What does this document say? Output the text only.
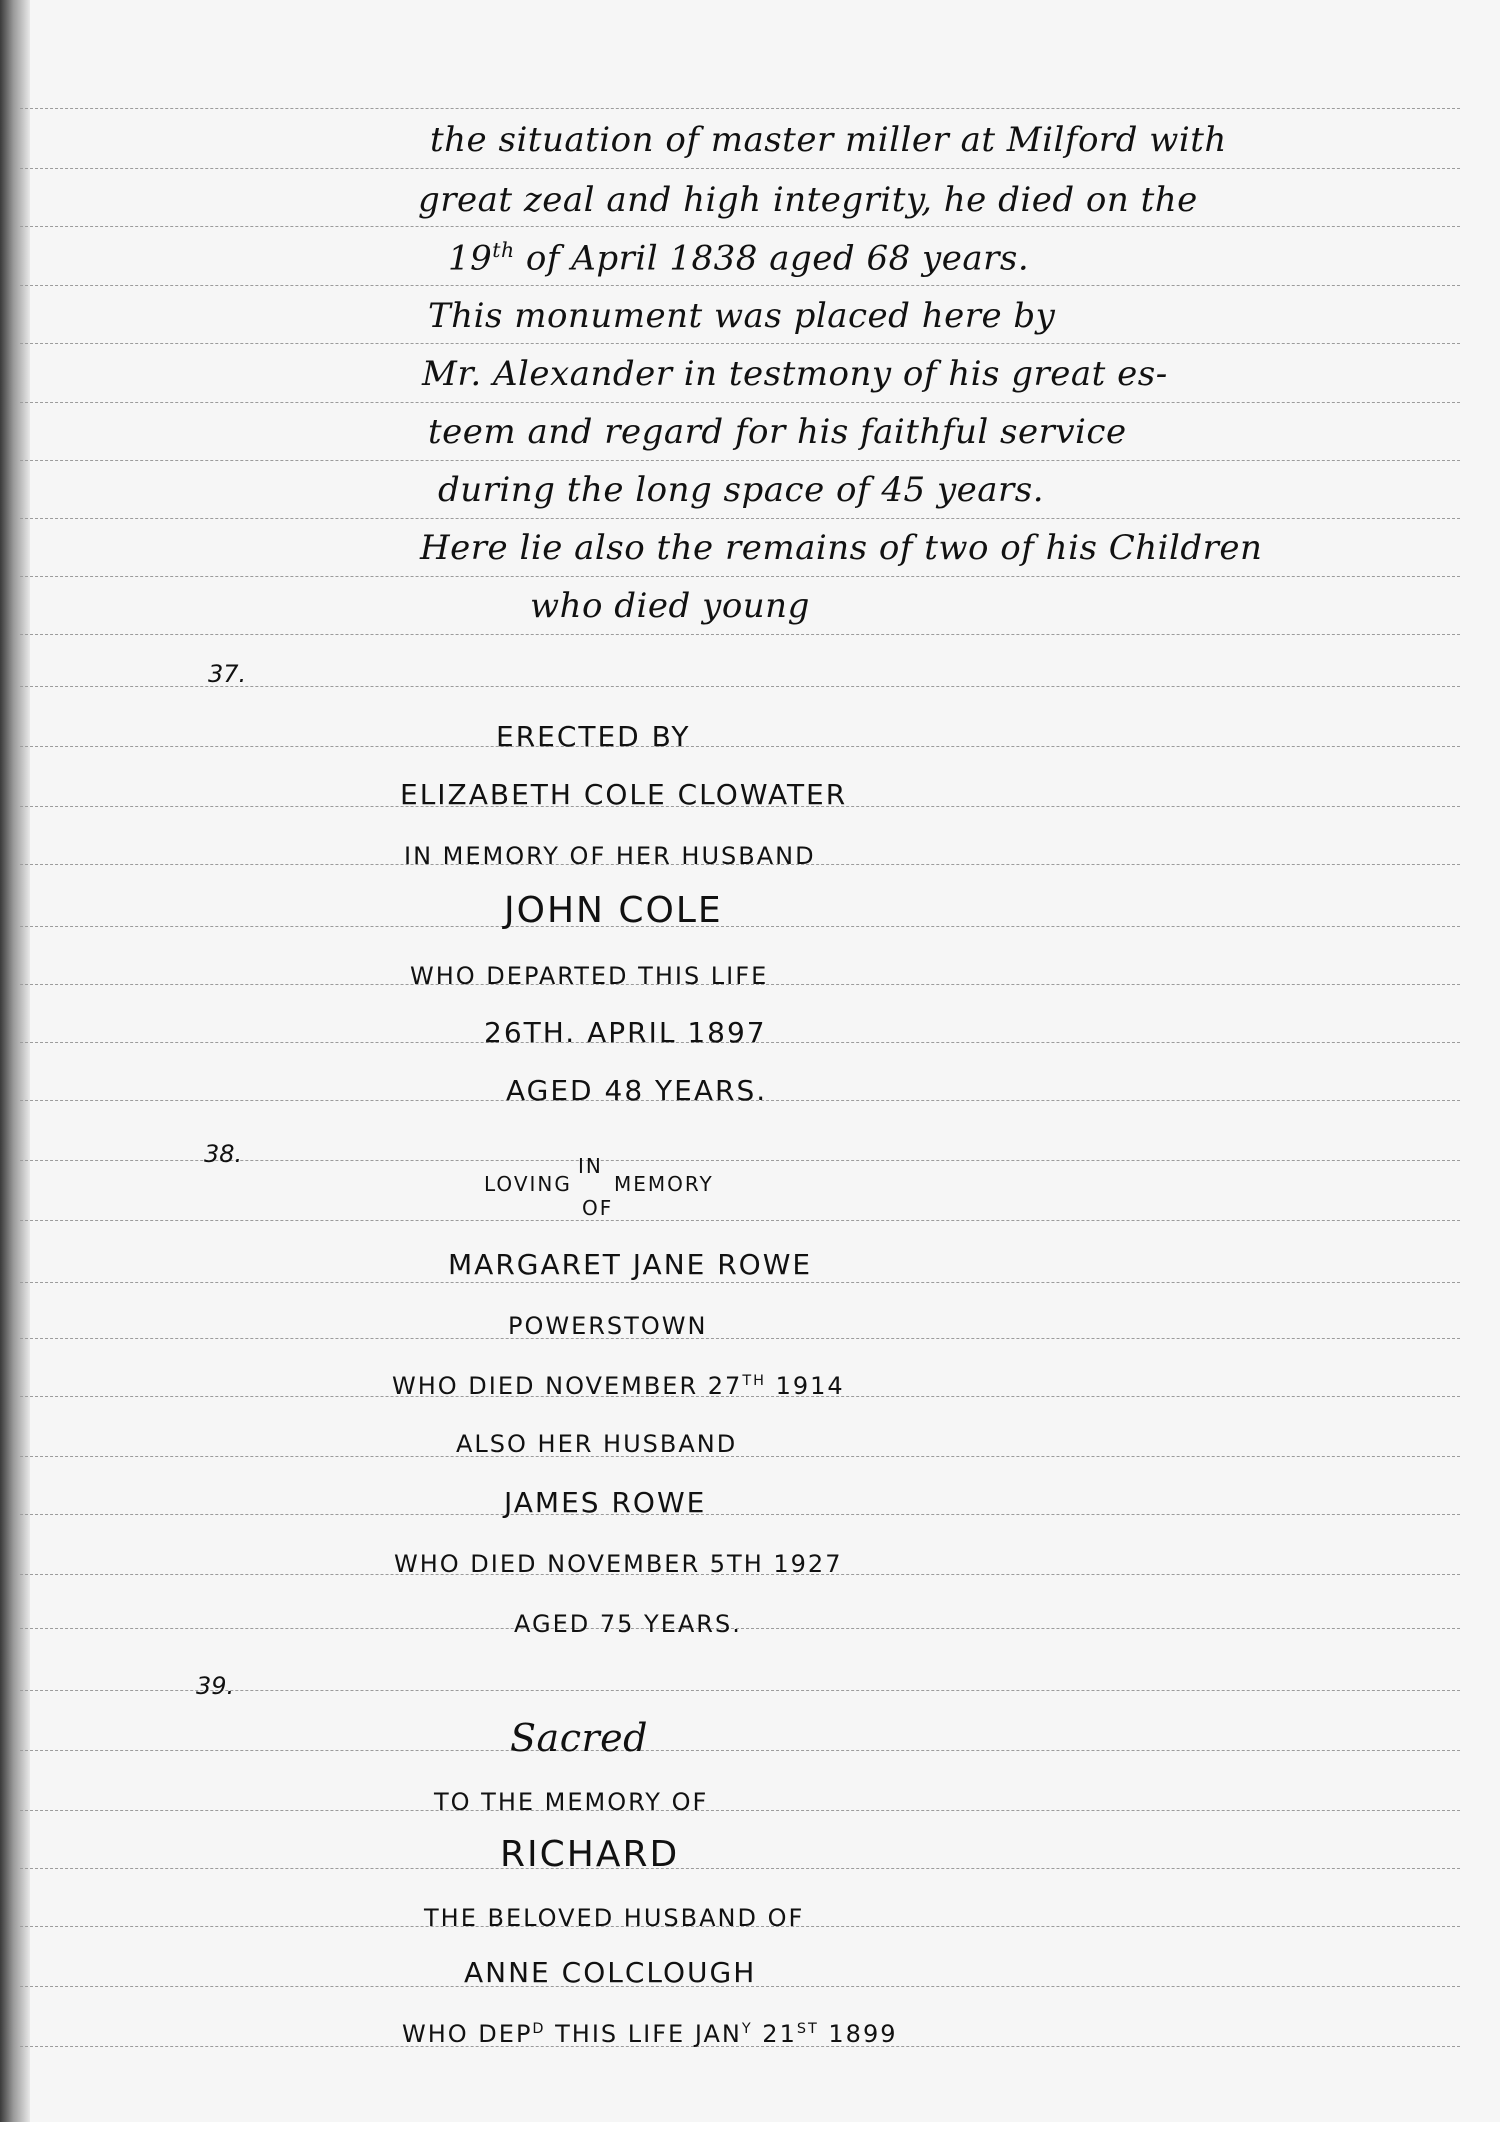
the situation of master miller at Milford with
great zeal and high integrity, he died on the
19th of April 1838 aged 68 years.
This monument was placed here by
Mr. Alexander in testmony of his great es-
teem and regard for his faithful service
during the long space of 45 years.
Here lie also the remains of two of his Children
who died young
37.
ERECTED BY
ELIZABETH COLE CLOWATER
IN MEMORY OF HER HUSBAND
JOHN COLE
WHO DEPARTED THIS LIFE
26TH. APRIL 1897
AGED 48 YEARS.
38.
LOVING
IN
MEMORY
OF
MARGARET JANE ROWE
POWERSTOWN
WHO DIED NOVEMBER 27TH 1914
ALSO HER HUSBAND
JAMES ROWE
WHO DIED NOVEMBER 5TH 1927
AGED 75 YEARS.
39.
Sacred
TO THE MEMORY OF
RICHARD
THE BELOVED HUSBAND OF
ANNE COLCLOUGH
WHO $DEP^D$ THIS LIFE $JAN^Y$ 21ST 1899
